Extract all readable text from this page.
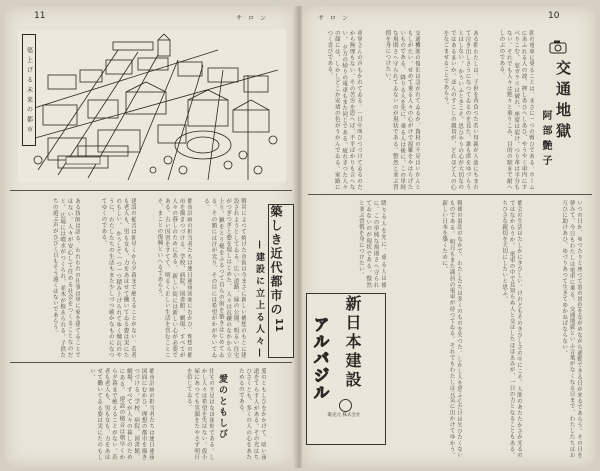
11	サ ロ ン
築 上 げ る 未 来 の 都 市
築しき近代都市の
11
—建設に立上る人々—
戦災によつて焼けた市街は今まさに新しい構想のもとに建設されようとしてゐる。広い道路、緑の公園、明るい住宅がつぎつぎと姿を現しはじめた。 人々は瓦礫のなかから立上り、鍬をとり槌をふるつて自らの街を築きはじめてゐる。その額には汗が光り、その目には希望がかがやいてゐる。
都市計画の担当者たちは連日連夜図面にむかひ、理想の都市を描きつづける。学校、病院、図書館、劇場、すべてが人々の暮しのためにある。 新しい街には新しい心が必要である。古い因習をすてて、明るく正しい生活を営むことこそ、まことの復興といへるであらう。
建設の槌音は朝早くから夕暮まで絶えることがない。若者も老人も、男も女も、力をあはせて働いてゐる姿は実にたのもしい。 かうして一つ一つ積み上げられてゆく煉瓦のやうに、わたしたちの生活もまた少しづつ確かなものになつてゆくのである。
ある技師は語る。われわれの仕事は単に家を建てることではない。人々が安心して住める社会をつくることなのだと。 広場には噴水がつくられ、並木が植ゑられる。子供たちの遊ぶ声がひびく日もそう遠くはないであらう。
愛のともしび	愛のともしびをかかげて、暗い夜道をてらす人がある。その光はちひさくとも、多くの人の心をあたためるのである。
住宅の不足はなほ深刻である。しかし人々は希望を失はない。仮小屋にあつても笑顔をたやさず明日を信じてゐる。
都市計画の担当者たちは連日連夜図面にむかひ、理想の都市を描きつづける。学校、病院、図書館、劇場、すべてが人々の暮しのためにある。 建設の槌音は朝早くから夕暮まで絶えることがない。若者も老人も、男も女も、力をあはせて働いてゐる姿は実にたのもしい。
10
サ ロ ン
交通地獄
阿部艶子
朝の電車に乗ることは、まさに一つの戦ひである。ホームにあふれる人の波、押しあひへしあひ、やうやく車内にすべりこむ。 窓ガラスは破れ、座席は裂け、つり革は半分もない。それでも人々は黙々と乗りこみ、目的の駅まで耐へしのぶのである。
ある朝わたしは、子供を背負つた若い母親が人波にもまれて泣き出しさうになつてゐるのを見た。誰も席をゆづらうとはしない。 かういふときこそ、思ひやりの心が大切なのではあるまいか。ほんのすこしの親切が、どれほど人の心をなごませることであらう。
交通機関の復旧は急がれてゐるが、資材の不足はいかんともしがたい。せめて乗る人々の心がけで混雑をやはらげたいものである。 降りる人を先に、乗る人は後に。この単純な規則さへ守られてゐないのが現状である。整然と並ぶ習慣を身につけたい。
車掌さんの声もかれてゐる。一日中叫びつづけてゐるのだから無理もない。その苦労を思へば、不平ばかりも言へない。 夕方の帰りの電車もまた同じである。疲れきつた人々の顔には、しかしどこか安堵の色がうかんでゐる。家路につく喜びである。
いつの日か、ゆつたりと座つて窓の景色をながめながら通勤できる日が来るであらう。その日を夢みて、今日もわたしは電車に乗る。 交通地獄といふ言葉がなくなる日まで、わたしたちはお互ひに助けあひ、ゆづりあつて生きてゆかねばならない。
都会の生活はたしかにきびしい。けれどもそのきびしさの中にこそ、人間のあたたかさが光るのではなからうか。 電車の中で見知らぬ人と交はしたほほゑみが、一日の力となることもある。ちひさな親切を大切にしたいと思ふ。
戦後の混乱のなかで、わたしたちは多くのものを失つた。しかし人を思ふ心だけは失ひたくないものである。 明日もまた満員の電車が待つてゐる。それでもわたしは元気に出かけてゆかう。新しい日本を築くために。
降りる人を先に、乗る人は後に。この単純な規則さへ守られてゐないのが現状である。整然と並ぶ習慣を身につけたい。
新日本建設
アルバジル
販売元 株式会社
